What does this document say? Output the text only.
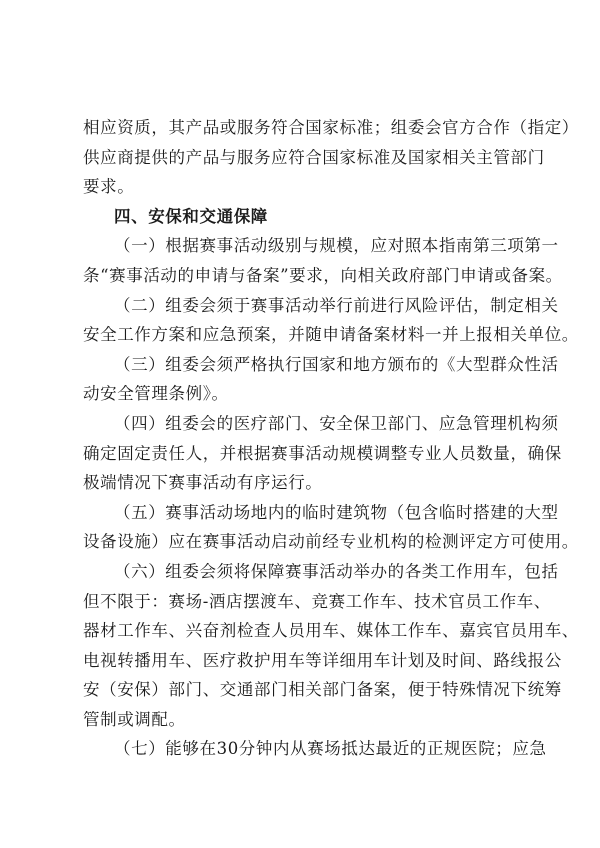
相应资质，其产品或服务符合国家标准；组委会官方合作（指定）
供应商提供的产品与服务应符合国家标准及国家相关主管部门
要求。
四、安保和交通保障
（一）根据赛事活动级别与规模，应对照本指南第三项第一
条“赛事活动的申请与备案”要求，向相关政府部门申请或备案。
（二）组委会须于赛事活动举行前进行风险评估，制定相关
安全工作方案和应急预案，并随申请备案材料一并上报相关单位。
（三）组委会须严格执行国家和地方颁布的《大型群众性活
动安全管理条例》。
（四）组委会的医疗部门、安全保卫部门、应急管理机构须
确定固定责任人，并根据赛事活动规模调整专业人员数量，确保
极端情况下赛事活动有序运行。
（五）赛事活动场地内的临时建筑物（包含临时搭建的大型
设备设施）应在赛事活动启动前经专业机构的检测评定方可使用。
（六）组委会须将保障赛事活动举办的各类工作用车，包括
但不限于：赛场-酒店摆渡车、竞赛工作车、技术官员工作车、
器材工作车、兴奋剂检查人员用车、媒体工作车、嘉宾官员用车、
电视转播用车、医疗救护用车等详细用车计划及时间、路线报公
安（安保）部门、交通部门相关部门备案，便于特殊情况下统筹
管制或调配。
（七）能够在30分钟内从赛场抵达最近的正规医院；应急
